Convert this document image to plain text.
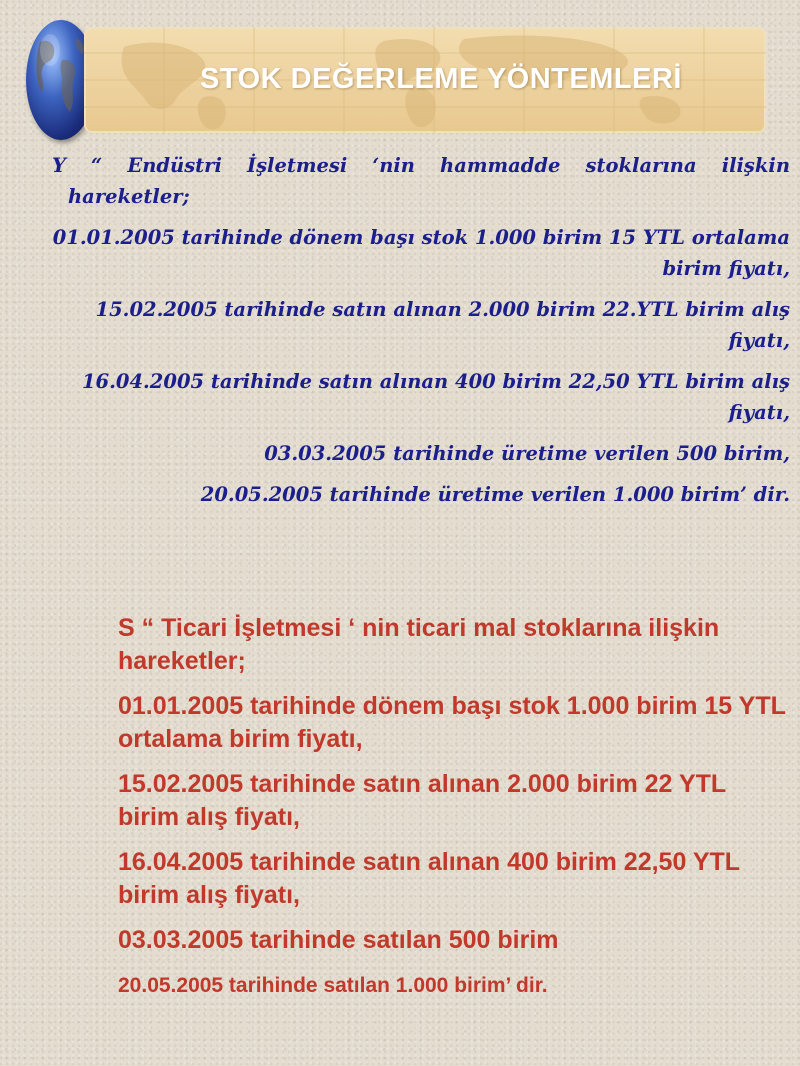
STOK DEĞERLEME YÖNTEMLERİ
Y “ Endüstri İşletmesi ‘nin hammadde stoklarına ilişkin hareketler;
01.01.2005 tarihinde dönem başı stok 1.000 birim 15 YTL ortalama birim fiyatı,
15.02.2005 tarihinde satın alınan 2.000 birim 22.YTL birim alış fiyatı,
16.04.2005 tarihinde satın alınan 400 birim 22,50 YTL birim alış fiyatı,
03.03.2005 tarihinde üretime verilen 500 birim,
20.05.2005 tarihinde üretime verilen 1.000 birim’ dir.
S “ Ticari İşletmesi ‘ nin ticari mal stoklarına ilişkin hareketler;
01.01.2005 tarihinde dönem başı stok 1.000 birim 15 YTL ortalama birim fiyatı,
15.02.2005 tarihinde satın alınan 2.000 birim 22 YTL birim alış fiyatı,
16.04.2005 tarihinde satın alınan 400 birim 22,50 YTL birim alış fiyatı,
03.03.2005 tarihinde satılan 500 birim
20.05.2005 tarihinde satılan 1.000 birim’ dir.
